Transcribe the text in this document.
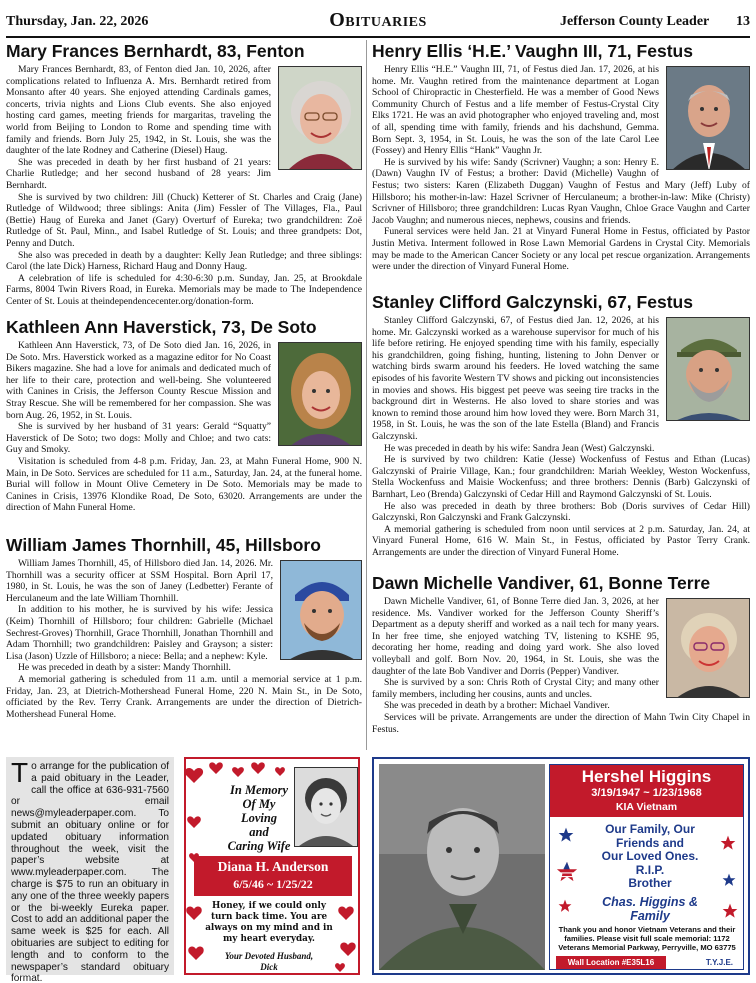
Thursday, Jan. 22, 2026	Obituaries	Jefferson County Leader 13
Mary Frances Bernhardt, 83, Fenton

Mary Frances Bernhardt, 83, of Fenton died Jan. 10, 2026, after complications related to Influenza A. Mrs. Bernhardt retired from Monsanto after 40 years. She enjoyed attending Cardinals games, concerts, trivia nights and Lions Club events. She also enjoyed hosting card games, meeting friends for margaritas, traveling the world from Beijing to London to Rome and spending time with family and friends. Born July 25, 1942, in St. Louis, she was the daughter of the late Rodney and Catherine (Diesel) Haug.

She was preceded in death by her first husband of 21 years: Charlie Rutledge; and her second husband of 28 years: Jim Bernhardt.

She is survived by two children: Jill (Chuck) Ketterer of St. Charles and Craig (Jane) Rutledge of Wildwood; three siblings: Anita (Jim) Fessler of The Villages, Fla., Paul (Bettie) Haug of Eureka and Janet (Gary) Overturf of Eureka; two grandchildren: Zoë Rutledge of St. Paul, Minn., and Isabel Rutledge of St. Louis; and three grandpets: Dot, Penny and Dutch.

She also was preceded in death by a daughter: Kelly Jean Rutledge; and three siblings: Carol (the late Dick) Harness, Richard Haug and Donny Haug.

A celebration of life is scheduled for 4:30-6:30 p.m. Sunday, Jan. 25, at Brookdale Farms, 8004 Twin Rivers Road, in Eureka. Memorials may be made to The Independence Center of St. Louis at theindependencecenter.org/donation-form.

Kathleen Ann Haverstick, 73, De Soto

Kathleen Ann Haverstick, 73, of De Soto died Jan. 16, 2026, in De Soto. Mrs. Haverstick worked as a magazine editor for No Coast Bikers magazine. She had a love for animals and dedicated much of her life to their care, protection and well-being. She volunteered with Canines in Crisis, the Jefferson County Rescue Mission and Stray Rescue. She will be remembered for her compassion. She was born Aug. 26, 1952, in St. Louis.

She is survived by her husband of 31 years: Gerald “Squatty” Haverstick of De Soto; two dogs: Molly and Chloe; and two cats: Guy and Smoky.

Visitation is scheduled from 4-8 p.m. Friday, Jan. 23, at Mahn Funeral Home, 900 N. Main, in De Soto. Services are scheduled for 11 a.m., Saturday, Jan. 24, at the funeral home. Burial will follow in Mount Olive Cemetery in De Soto. Memorials may be made to Canines in Crisis, 13976 Klondike Road, De Soto, 63020. Arrangements are under the direction of Mahn Funeral Home.

William James Thornhill, 45, Hillsboro

William James Thornhill, 45, of Hillsboro died Jan. 14, 2026. Mr. Thornhill was a security officer at SSM Hospital. Born April 17, 1980, in St. Louis, he was the son of Janey (Ledbetter) Ferante of Herculaneum and the late William Thornhill.

In addition to his mother, he is survived by his wife: Jessica (Keim) Thornhill of Hillsboro; four children: Gabrielle (Michael Sechrest-Groves) Thornhill, Grace Thornhill, Jonathan Thornhill and Adam Thornhill; two grandchildren: Paisley and Grayson; a sister: Lisa (Jason) Uzzle of Hillsboro; a niece: Bella; and a nephew: Kyle.

He was preceded in death by a sister: Mandy Thornhill.

A memorial gathering is scheduled from 11 a.m. until a memorial service at 1 p.m. Friday, Jan. 23, at Dietrich-Mothershead Funeral Home, 220 N. Main St., in De Soto, officiated by the Rev. Terry Crank. Arrangements are under the direction of Dietrich-Mothershead Funeral Home.

Henry Ellis ‘H.E.’ Vaughn III, 71, Festus

Henry Ellis “H.E.” Vaughn III, 71, of Festus died Jan. 17, 2026, at his home. Mr. Vaughn retired from the maintenance department at Logan School of Chiropractic in Chesterfield. He was a member of Good News Community Church of Festus and a life member of Festus-Crystal City Elks 1721. He was an avid photographer who enjoyed traveling and, most of all, spending time with family, friends and his dachshund, Gemma. Born Sept. 3, 1954, in St. Louis, he was the son of the late Carol Lee (Fossey) and Henry Ellis “Hank” Vaughn Jr.

He is survived by his wife: Sandy (Scrivner) Vaughn; a son: Henry E. (Dawn) Vaughn IV of Festus; a brother: David (Michelle) Vaughn of Festus; two sisters: Karen (Elizabeth Duggan) Vaughn of Festus and Mary (Jeff) Luby of Hillsboro; his mother-in-law: Hazel Scrivner of Herculaneum; a brother-in-law: Mike (Christy) Scrivner of Hillsboro; three grandchildren: Lucas Ryan Vaughn, Chloe Grace Vaughn and Carter Jacob Vaughn; and numerous nieces, nephews, cousins and friends.

Funeral services were held Jan. 21 at Vinyard Funeral Home in Festus, officiated by Pastor Justin Metiva. Interment followed in Rose Lawn Memorial Gardens in Crystal City. Memorials may be made to the American Cancer Society or any local pet rescue organization. Arrangements were under the direction of Vinyard Funeral Home.

Stanley Clifford Galczynski, 67, Festus

Stanley Clifford Galczynski, 67, of Festus died Jan. 12, 2026, at his home. Mr. Galczynski worked as a warehouse supervisor for much of his life before retiring. He enjoyed spending time with his family, especially his grandchildren, going fishing, hunting, listening to John Denver or watching birds swarm around his feeders. He loved watching the same episodes of his favorite Western TV shows and picking out inconsistencies in movies and shows. His biggest pet peeve was seeing tire tracks in the background dirt in Westerns. He also loved to share stories and was known to remind those around him how loved they were. Born March 31, 1958, in St. Louis, he was the son of the late Estella (Bland) and Francis Galczynski.

He was preceded in death by his wife: Sandra Jean (West) Galczynski.

He is survived by two children: Katie (Jesse) Wockenfuss of Festus and Ethan (Lucas) Galczynski of Prairie Village, Kan.; four grandchildren: Mariah Weekley, Weston Wockenfuss, Stella Wockenfuss and Maisie Wockenfuss; and three brothers: Dennis (Barb) Galczynski of Barnhart, Leo (Brenda) Galczynski of Cedar Hill and Raymond Galczynski of St. Louis.

He also was preceded in death by three brothers: Bob (Doris survives of Cedar Hill) Galczynski, Ron Galczynski and Frank Galczynski.

A memorial gathering is scheduled from noon until services at 2 p.m. Saturday, Jan. 24, at Vinyard Funeral Home, 616 W. Main St., in Festus, officiated by Pastor Terry Crank. Arrangements are under the direction of Vinyard Funeral Home.

Dawn Michelle Vandiver, 61, Bonne Terre

Dawn Michelle Vandiver, 61, of Bonne Terre died Jan. 3, 2026, at her residence. Ms. Vandiver worked for the Jefferson County Sheriff’s Department as a deputy sheriff and worked as a nail tech for many years. In her free time, she enjoyed watching TV, listening to KSHE 95, decorating her home, reading and doing yard work. She also loved volleyball and golf. Born Nov. 20, 1964, in St. Louis, she was the daughter of the late Bob Vandiver and Dorris (Pepper) Vandiver.

She is survived by a son: Chris Roth of Crystal City; and many other family members, including her cousins, aunts and uncles.

She was preceded in death by a brother: Michael Vandiver.

Services will be private. Arrangements are under the direction of Mahn Twin City Chapel in Festus.

To arrange for the publication of a paid obituary in the Leader, call the office at 636-931-7560 or email news@myleaderpaper.com. To submit an obituary online or for updated obituary information throughout the week, visit the paper’s website at www.myleaderpaper.com. The charge is $75 to run an obituary in any one of the three weekly papers or the bi-weekly Eureka paper. Cost to add an additional paper the same week is $25 for each. All obituaries are subject to editing for length and to conform to the newspaper’s standard obituary format.

In Memory
Of My
Loving
and
Caring Wife
Diana H. Anderson
6/5/46 ~ 1/25/22
Honey, if we could only turn back time. You are always on my mind and in my heart everyday.
Your Devoted Husband,
Dick
Hershel Higgins
3/19/1947 ~ 1/23/1968
KIA Vietnam
Our Family, Our
Friends and
Our Loved Ones.
R.I.P.
Brother
Chas. Higgins &
Family
Thank you and honor Vietnam Veterans and their families. Please visit full scale memorial: 1172 Veterans Memorial Parkway, Perryville, MO 63775
Wall Location #E35L16	T.Y.J.E.
